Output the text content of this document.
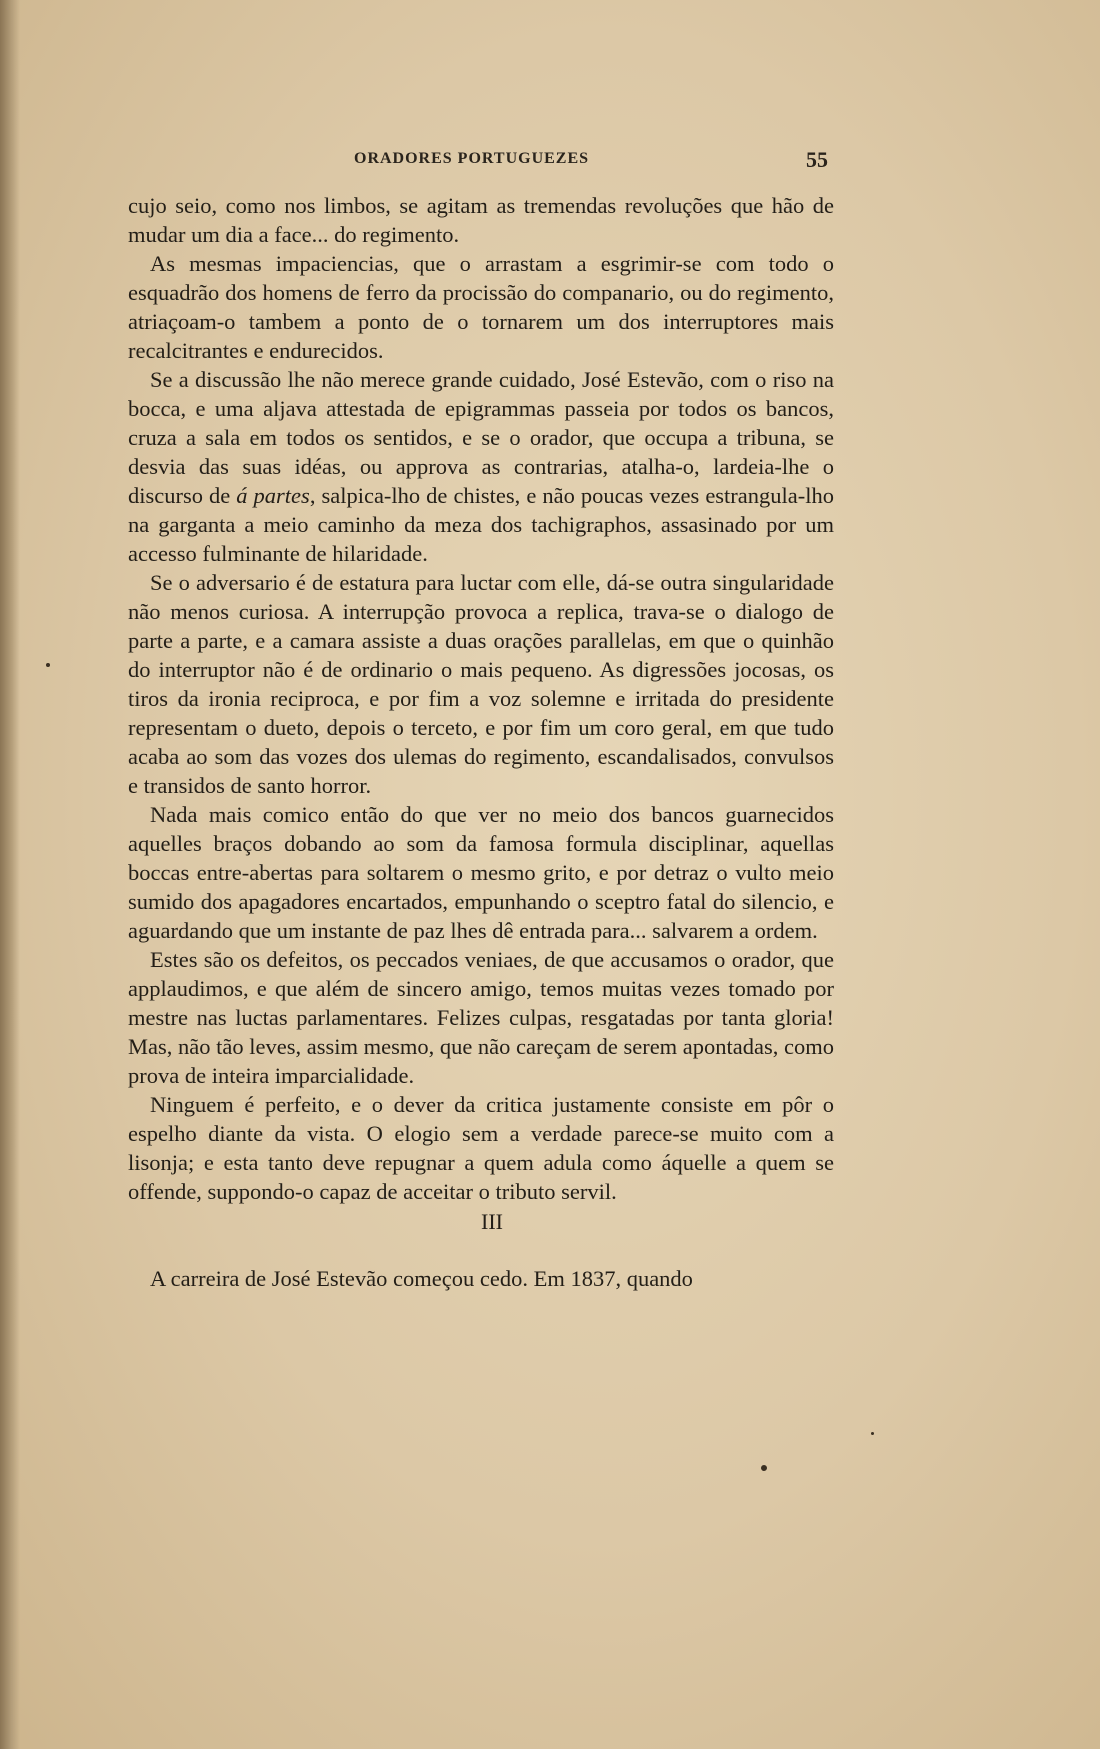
ORADORES PORTUGUEZES	55

cujo seio, como nos limbos, se agitam as tremendas revoluções que hão de mudar um dia a face... do regimento.

As mesmas impaciencias, que o arrastam a esgrimir-se com todo o esquadrão dos homens de ferro da procissão do companario, ou do regimento, atriaçoam-o tambem a ponto de o tornarem um dos interruptores mais recalcitrantes e endurecidos.

Se a discussão lhe não merece grande cuidado, José Estevão, com o riso na bocca, e uma aljava attestada de epigrammas passeia por todos os bancos, cruza a sala em todos os sentidos, e se o orador, que occupa a tribuna, se desvia das suas idéas, ou approva as contrarias, atalha-o, lardeia-lhe o discurso de á partes, salpica-lho de chistes, e não poucas vezes estrangula-lho na garganta a meio caminho da meza dos tachigraphos, assasinado por um accesso fulminante de hilaridade.

Se o adversario é de estatura para luctar com elle, dá-se outra singularidade não menos curiosa. A interrupção provoca a replica, trava-se o dialogo de parte a parte, e a camara assiste a duas orações parallelas, em que o quinhão do interruptor não é de ordinario o mais pequeno. As digressões jocosas, os tiros da ironia reciproca, e por fim a voz solemne e irritada do presidente representam o dueto, depois o terceto, e por fim um coro geral, em que tudo acaba ao som das vozes dos ulemas do regimento, escandalisados, convulsos e transidos de santo horror.

Nada mais comico então do que ver no meio dos bancos guarnecidos aquelles braços dobando ao som da famosa formula disciplinar, aquellas boccas entre-abertas para soltarem o mesmo grito, e por detraz o vulto meio sumido dos apagadores encartados, empunhando o sceptro fatal do silencio, e aguardando que um instante de paz lhes dê entrada para... salvarem a ordem.

Estes são os defeitos, os peccados veniaes, de que accusamos o orador, que applaudimos, e que além de sincero amigo, temos muitas vezes tomado por mestre nas luctas parlamentares. Felizes culpas, resgatadas por tanta gloria! Mas, não tão leves, assim mesmo, que não careçam de serem apontadas, como prova de inteira imparcialidade.

Ninguem é perfeito, e o dever da critica justamente consiste em pôr o espelho diante da vista. O elogio sem a verdade parece-se muito com a lisonja; e esta tanto deve repugnar a quem adula como áquelle a quem se offende, suppondo-o capaz de acceitar o tributo servil.

III

A carreira de José Estevão começou cedo. Em 1837, quando
